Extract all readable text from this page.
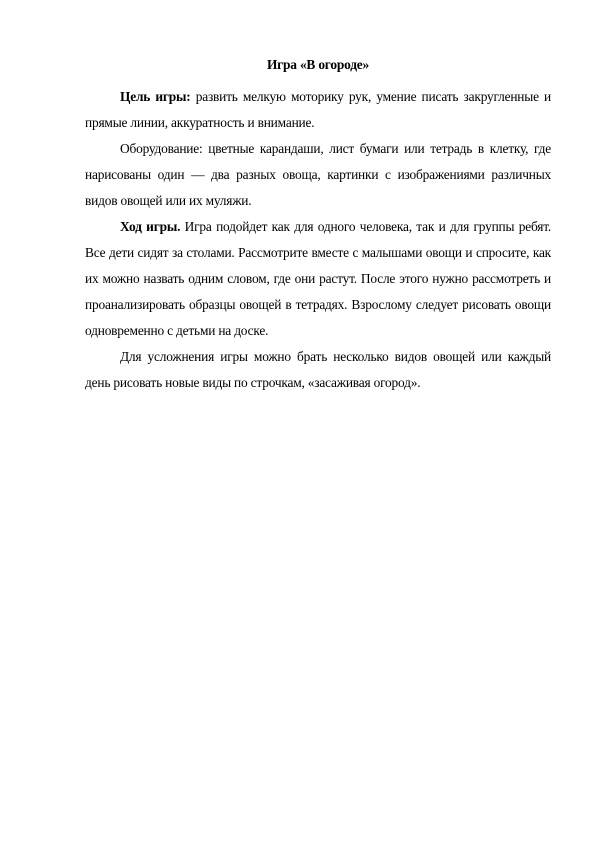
Игра «В огороде»

Цель игры: развить мелкую моторику рук, умение писать закругленные и прямые линии, аккуратность и внимание.

Оборудование: цветные карандаши, лист бумаги или тетрадь в клетку, где нарисованы один — два разных овоща, картинки с изображениями различных видов овощей или их муляжи.

Ход игры. Игра подойдет как для одного человека, так и для группы ребят. Все дети сидят за столами. Рассмотрите вместе с малышами овощи и спросите, как их можно назвать одним словом, где они растут. После этого нужно рассмотреть и проанализировать образцы овощей в тетрадях. Взрослому следует рисовать овощи одновременно с детьми на доске.

Для усложнения игры можно брать несколько видов овощей или каждый день рисовать новые виды по строчкам, «засаживая огород».
